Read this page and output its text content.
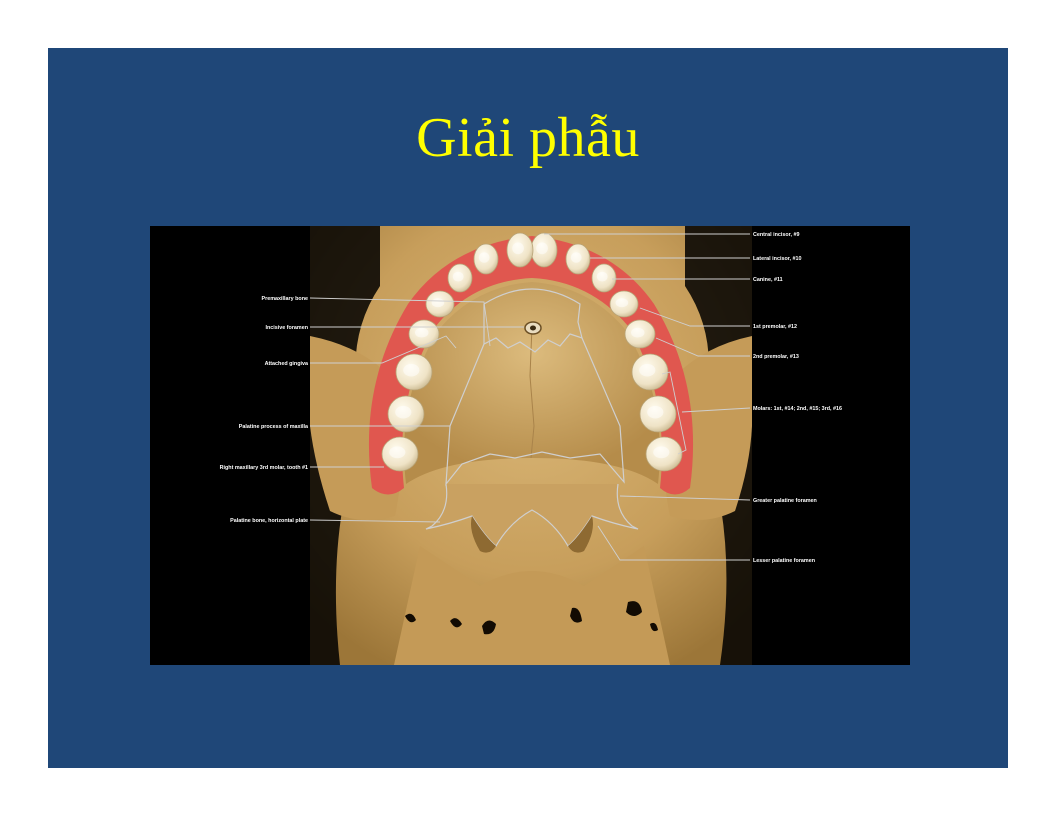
Giải phẫu
Premaxillary bone
Incisive foramen
Attached gingiva
Palatine process of maxilla
Right maxillary 3rd molar, tooth #1
Palatine bone, horizontal plate
Central incisor, #9
Lateral incisor, #10
Canine, #11
1st premolar, #12
2nd premolar, #13
Molars: 1st, #14; 2nd, #15; 3rd, #16
Greater palatine foramen
Lesser palatine foramen
